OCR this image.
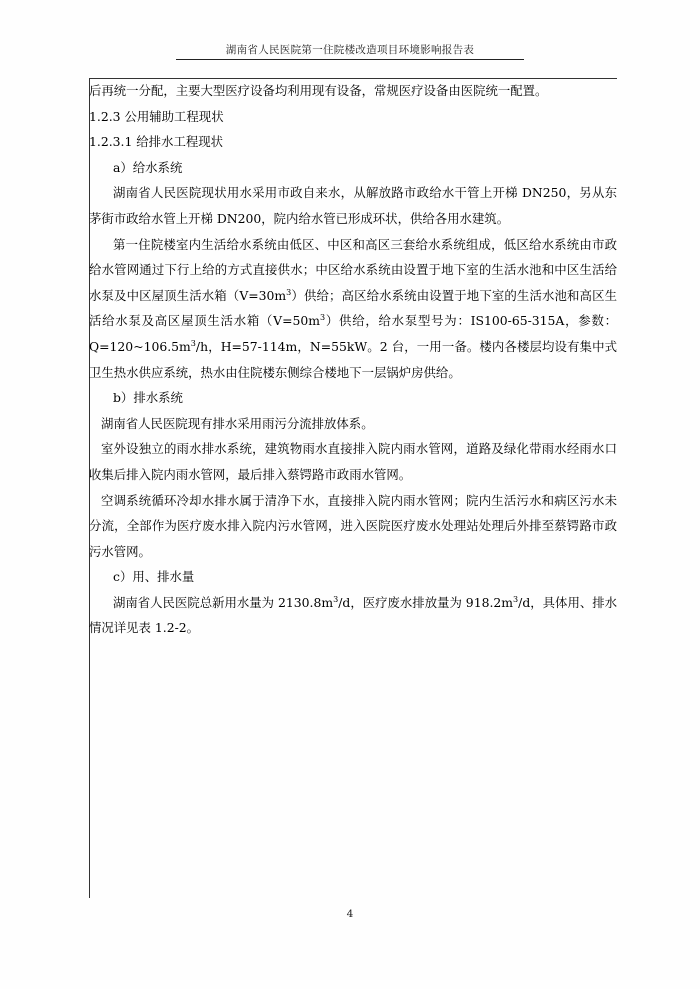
湖南省人民医院第一住院楼改造项目环境影响报告表

后再统一分配，主要大型医疗设备均利用现有设备，常规医疗设备由医院统一配置。

1.2.3 公用辅助工程现状

1.2.3.1 给排水工程现状

a）给水系统

湖南省人民医院现状用水采用市政自来水，从解放路市政给水干管上开梯 DN250，另从东茅街市政给水管上开梯 DN200，院内给水管已形成环状，供给各用水建筑。

第一住院楼室内生活给水系统由低区、中区和高区三套给水系统组成，低区给水系统由市政给水管网通过下行上给的方式直接供水；中区给水系统由设置于地下室的生活水池和中区生活给水泵及中区屋顶生活水箱$(V=30m^3)$供给；高区给水系统由设置于地下室的生活水池和高区生活给水泵及高区屋顶生活水箱$(V=50m^3)$供给，给水泵型号为：IS100-65-315A，参数：$Q=120\sim 106.5m^3/h$，H=57-114m，N=55kW。2 台，一用一备。楼内各楼层均设有集中式卫生热水供应系统，热水由住院楼东侧综合楼地下一层锅炉房供给。

b）排水系统

湖南省人民医院现有排水采用雨污分流排放体系。

室外设独立的雨水排水系统，建筑物雨水直接排入院内雨水管网，道路及绿化带雨水经雨水口收集后排入院内雨水管网，最后排入蔡锷路市政雨水管网。

空调系统循环冷却水排水属于清净下水，直接排入院内雨水管网；院内生活污水和病区污水未分流，全部作为医疗废水排入院内污水管网，进入医院医疗废水处理站处理后外排至蔡锷路市政污水管网。

c）用、排水量

湖南省人民医院总新用水量为 $2130.8m^3/d$，医疗废水排放量为 $918.2m^3/d$，具体用、排水情况详见表 1.2-2。

4
